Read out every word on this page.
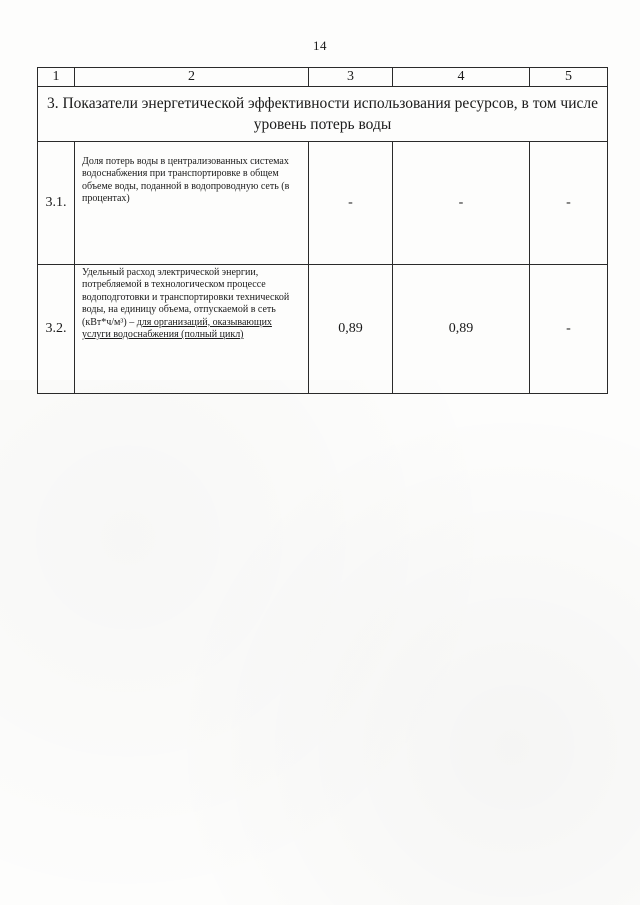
14
1	2	3	4	5
3. Показатели энергетической эффективности использования ресурсов, в том числе уровень потерь воды				
3.1.	Доля потерь воды в централизованных системах водоснабжения при транспортировке в общем объеме воды, поданной в водопроводную сеть (в процентах)	-	-	-
3.2.	Удельный расход электрической энергии, потребляемой в технологическом процессе водоподготовки и транспортировки технической воды, на единицу объема, отпускаемой в сеть (кВт*ч/м³) – для организаций, оказывающих услуги водоснабжения (полный цикл)	0,89	0,89	-
